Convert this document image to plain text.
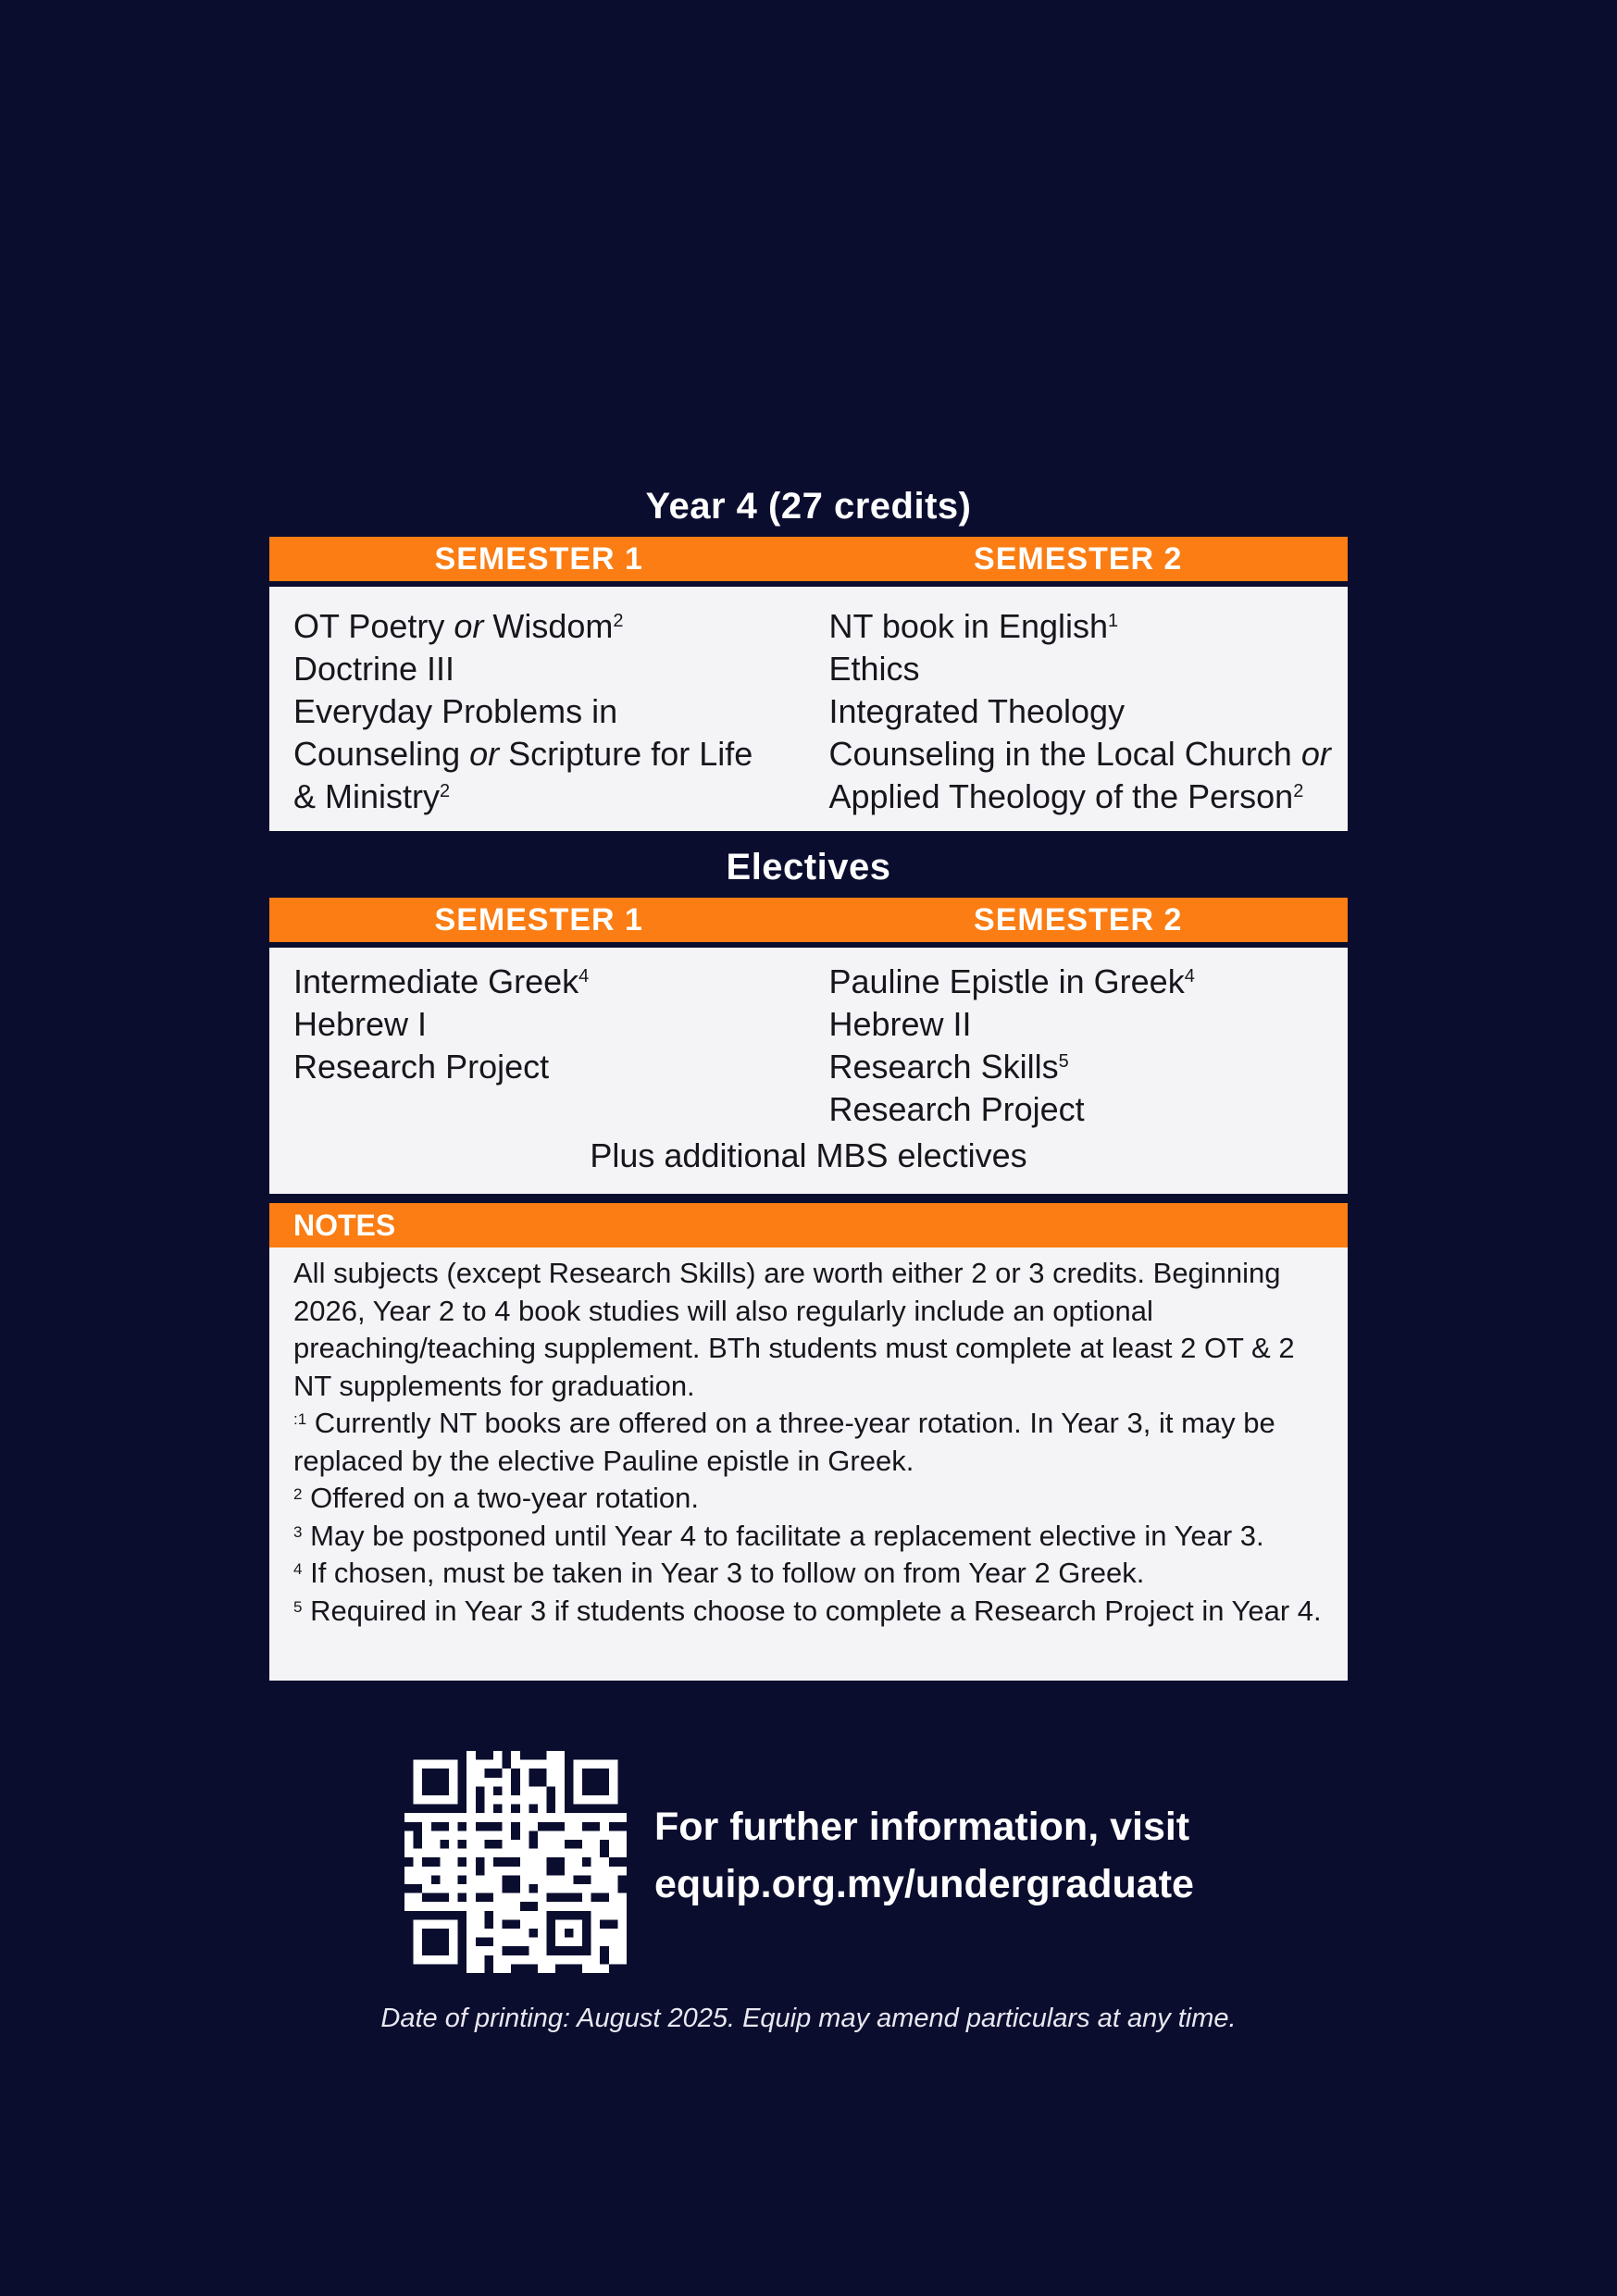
Year 4 (27 credits)
SEMESTER 1	SEMESTER 2
OT Poetry or Wisdom$^2$
Doctrine III
Everyday Problems in
Counseling or Scripture for Life
& Ministry$^2$
NT book in English$^1$
Ethics
Integrated Theology
Counseling in the Local Church or
Applied Theology of the Person$^2$
Electives
SEMESTER 1	SEMESTER 2
Intermediate Greek$^4$
Hebrew I
Research Project
Pauline Epistle in Greek$^4$
Hebrew II
Research Skills$^5$
Research Project
Plus additional MBS electives
NOTES

All subjects (except Research Skills) are worth either 2 or 3 credits. Beginning 2026, Year 2 to 4 book studies will also regularly include an optional preaching/teaching supplement. BTh students must complete at least 2 OT & 2 NT supplements for graduation.

$^{:1}$ Currently NT books are offered on a three-year rotation. In Year 3, it may be replaced by the elective Pauline epistle in Greek.

$^2$ Offered on a two-year rotation.

$^3$ May be postponed until Year 4 to facilitate a replacement elective in Year 3.

$^4$ If chosen, must be taken in Year 3 to follow on from Year 2 Greek.

$^5$ Required in Year 3 if students choose to complete a Research Project in Year 4.

For further information, visit
equip.org.my/undergraduate
Date of printing: August 2025. Equip may amend particulars at any time.
